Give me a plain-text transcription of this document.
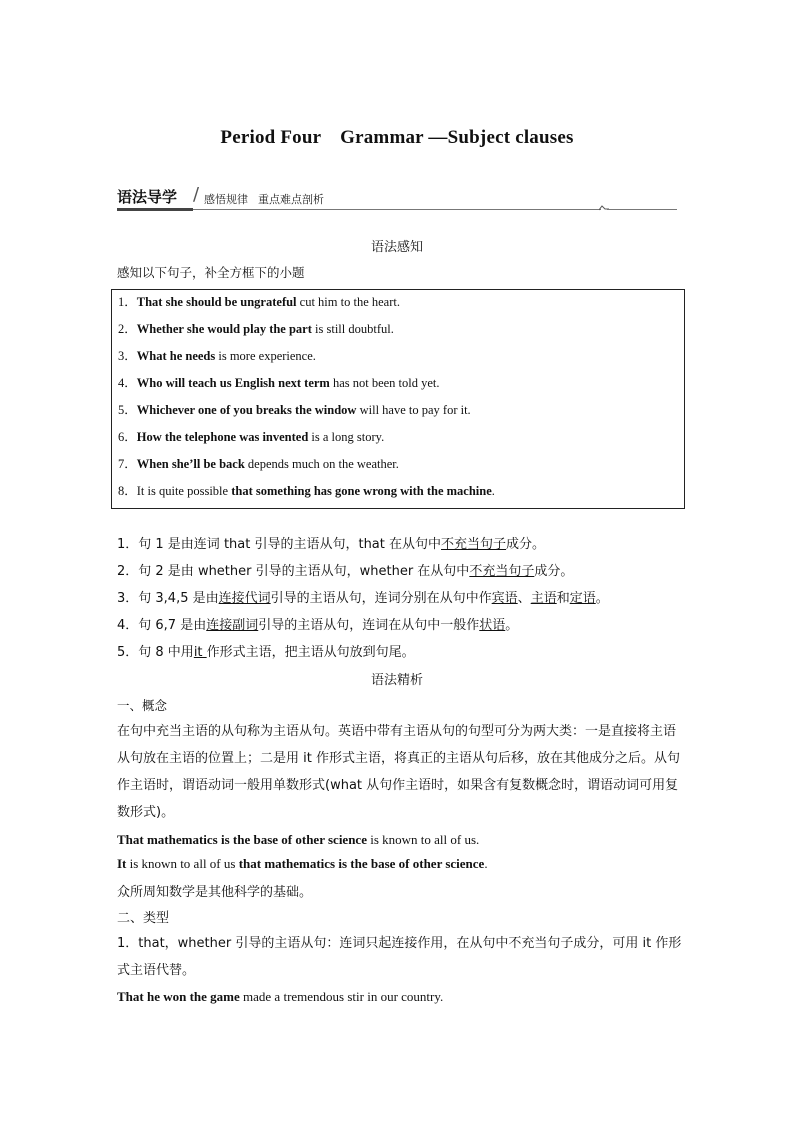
Period Four　Grammar —Subject clauses
语法导学 / 感悟规律 重点难点剖析
语法感知
感知以下句子，补全方框下的小题
1．That she should be ungrateful cut him to the heart.
2．Whether she would play the part is still doubtful.
3．What he needs is more experience.
4．Who will teach us English next term has not been told yet.
5．Whichever one of you breaks the window will have to pay for it.
6．How the telephone was invented is a long story.
7．When she’ll be back depends much on the weather.
8．It is quite possible that something has gone wrong with the machine.
1．句 1 是由连词 that 引导的主语从句，that 在从句中不充当句子成分。
2．句 2 是由 whether 引导的主语从句，whether 在从句中不充当句子成分。
3．句 3,4,5 是由连接代词引导的主语从句，连词分别在从句中作宾语、主语和定语。
4．句 6,7 是由连接副词引导的主语从句，连词在从句中一般作状语。
5．句 8 中用it 作形式主语，把主语从句放到句尾。
语法精析
一、概念
在句中充当主语的从句称为主语从句。英语中带有主语从句的句型可分为两大类：一是直接将主语从句放在主语的位置上；二是用 it 作形式主语，将真正的主语从句后移，放在其他成分之后。从句作主语时，谓语动词一般用单数形式(what 从句作主语时，如果含有复数概念时，谓语动词可用复数形式)。
That mathematics is the base of other science is known to all of us.
It is known to all of us that mathematics is the base of other science.
众所周知数学是其他科学的基础。
二、类型
1．that，whether 引导的主语从句：连词只起连接作用，在从句中不充当句子成分，可用 it 作形式主语代替。
That he won the game made a tremendous stir in our country.
